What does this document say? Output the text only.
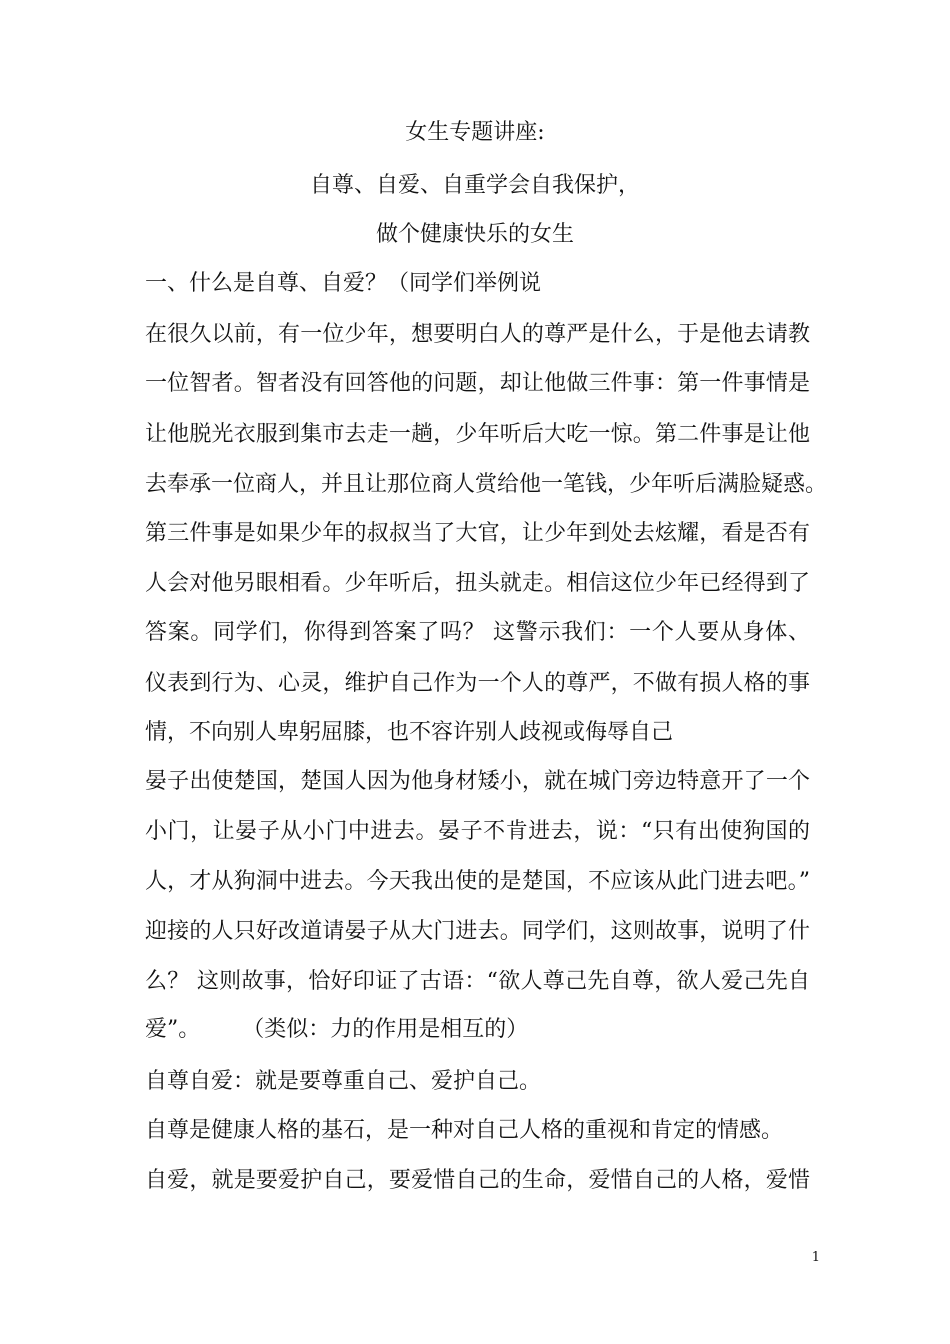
女生专题讲座:
自尊、自爱、自重学会自我保护，
做个健康快乐的女生
一、什么是自尊、自爱？（同学们举例说
在很久以前，有一位少年，想要明白人的尊严是什么，于是他去请教
一位智者。智者没有回答他的问题，却让他做三件事：第一件事情是
让他脱光衣服到集市去走一趟，少年听后大吃一惊。第二件事是让他
去奉承一位商人，并且让那位商人赏给他一笔钱，少年听后满脸疑惑。
第三件事是如果少年的叔叔当了大官，让少年到处去炫耀，看是否有
人会对他另眼相看。少年听后，扭头就走。相信这位少年已经得到了
答案。同学们，你得到答案了吗？ 这警示我们：一个人要从身体、
仪表到行为、心灵，维护自己作为一个人的尊严，不做有损人格的事
情，不向别人卑躬屈膝，也不容许别人歧视或侮辱自己
晏子出使楚国，楚国人因为他身材矮小，就在城门旁边特意开了一个
小门，让晏子从小门中进去。晏子不肯进去，说：“只有出使狗国的
人，才从狗洞中进去。今天我出使的是楚国，不应该从此门进去吧。”
迎接的人只好改道请晏子从大门进去。同学们，这则故事，说明了什
么？ 这则故事，恰好印证了古语：“欲人尊己先自尊，欲人爱己先自
爱”。      （类似：力的作用是相互的）
自尊自爱：就是要尊重自己、爱护自己。
自尊是健康人格的基石，是一种对自己人格的重视和肯定的情感。
自爱，就是要爱护自己，要爱惜自己的生命，爱惜自己的人格，爱惜
1
